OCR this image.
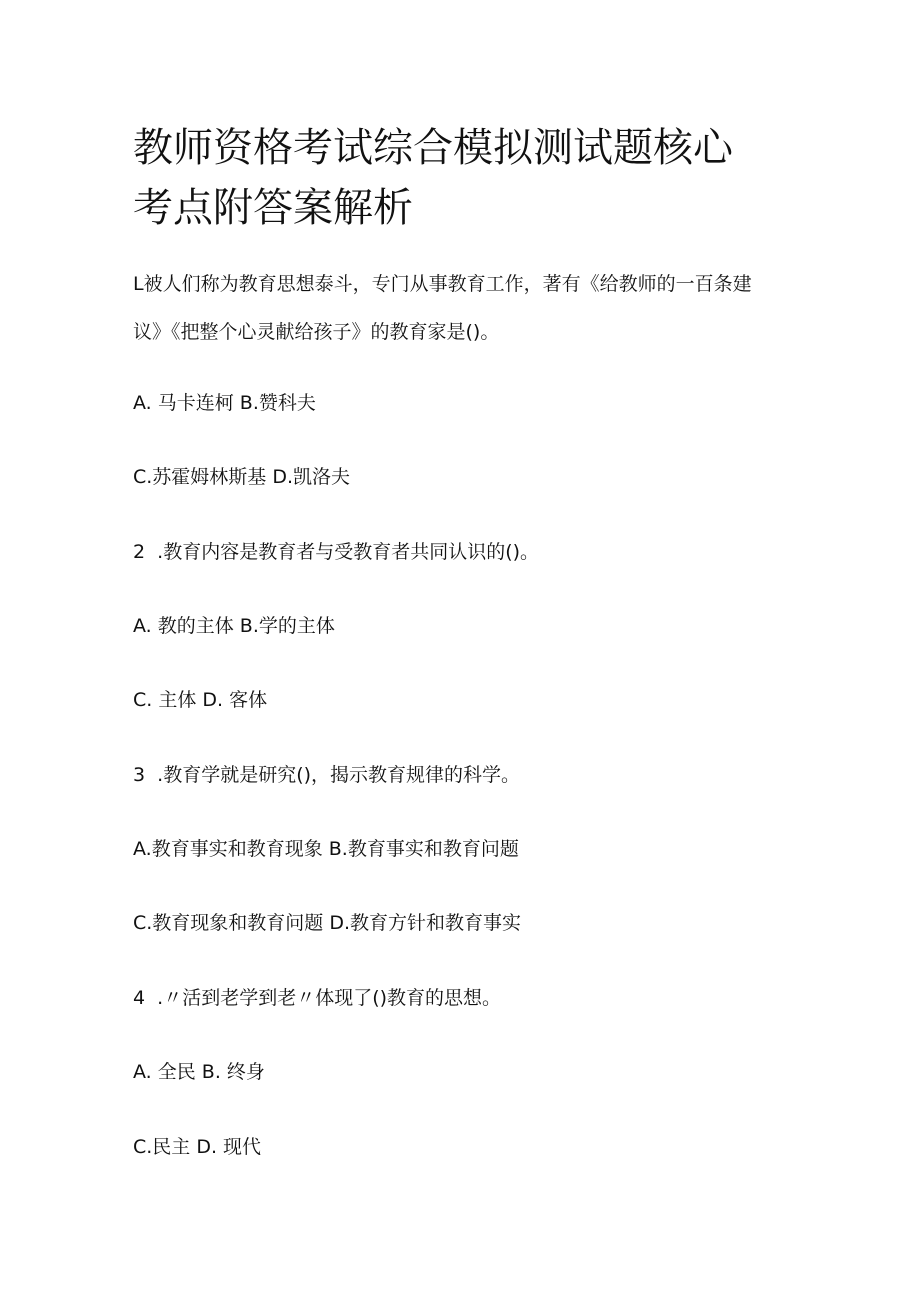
教师资格考试综合模拟测试题核心
考点附答案解析

L被人们称为教育思想泰斗，专门从事教育工作，著有《给教师的一百条建
议》《把整个心灵献给孩子》的教育家是()。

A. 马卡连柯 B.赞科夫

C.苏霍姆林斯基 D.凯洛夫

2  .教育内容是教育者与受教育者共同认识的()。

A. 教的主体 B.学的主体

C. 主体 D. 客体

3  .教育学就是研究()，揭示教育规律的科学。

A.教育事实和教育现象 B.教育事实和教育问题

C.教育现象和教育问题 D.教育方针和教育事实

4  .〃活到老学到老〃体现了()教育的思想。

A. 全民 B. 终身

C.民主 D. 现代
